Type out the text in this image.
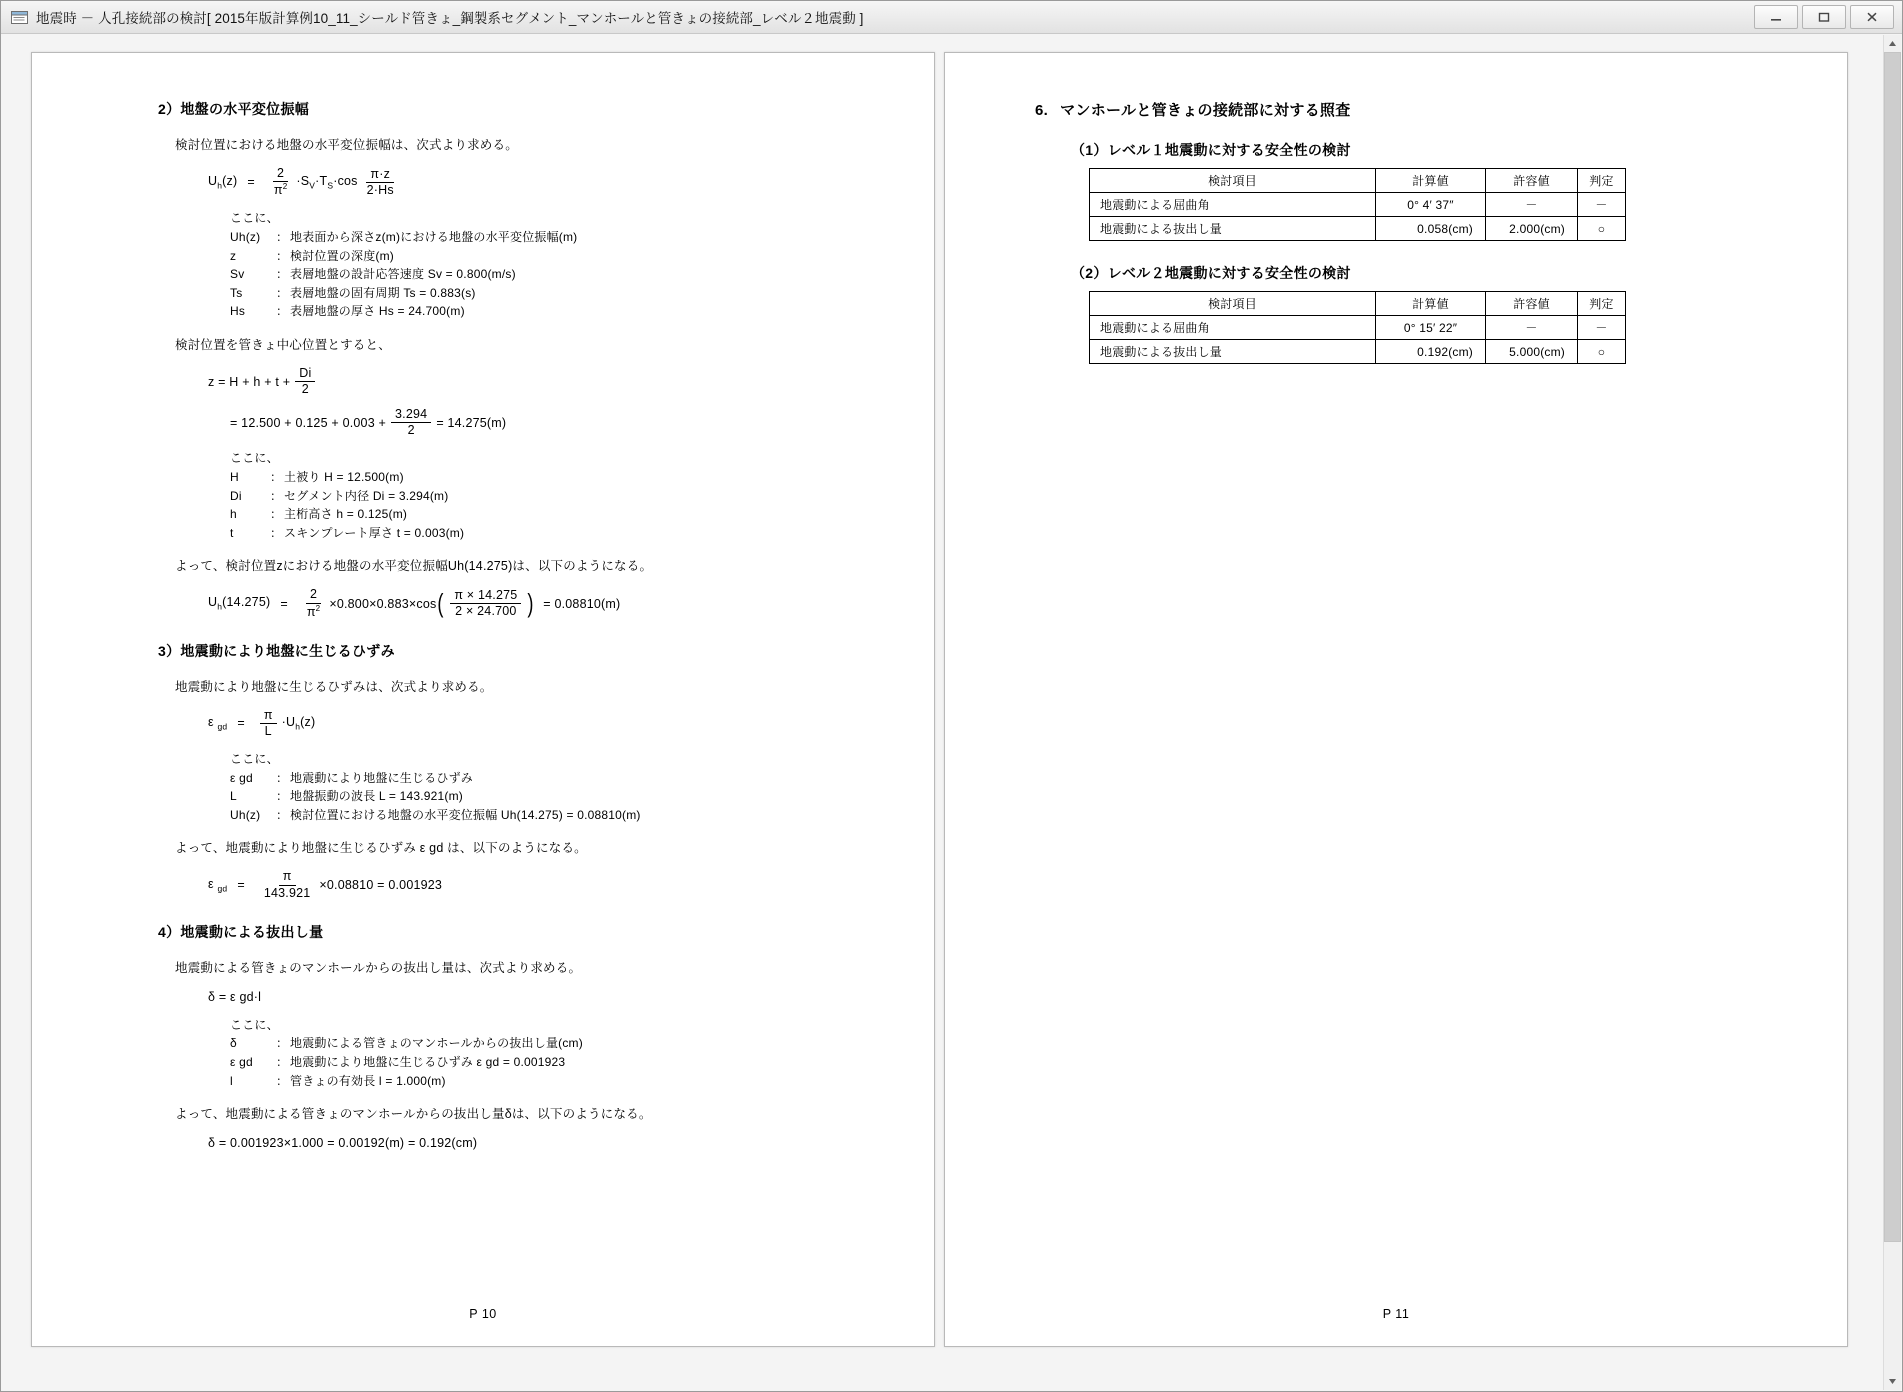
地震時 － 人孔接続部の検討[ 2015年版計算例10_11_シールド管きょ_鋼製系セグメント_マンホールと管きょの接続部_レベル２地震動 ]
2）地盤の水平変位振幅
検討位置における地盤の水平変位振幅は、次式より求める。
$U_h(z) = \frac{2}{\pi^2} \cdot S_V\cdot T_S\cdot\cos \frac{\pi\cdot z}{2\cdot Hs}$
ここに、
Uh(z)	： 地表面から深さz(m)における地盤の水平変位振幅(m)
z	： 検討位置の深度(m)
Sv	： 表層地盤の設計応答速度 Sv = 0.800(m/s)
Ts	： 表層地盤の固有周期 Ts = 0.883(s)
Hs	： 表層地盤の厚さ Hs = 24.700(m)
検討位置を管きょ中心位置とすると、
$z = H + h + t + \frac{Di}{2}$
= $12.500 + 0.125 + 0.003 + \frac{3.294}{2} = 14.275(m)$
ここに、
H	： 土被り H = 12.500(m)
Di	： セグメント内径 Di = 3.294(m)
h	： 主桁高さ h = 0.125(m)
t	： スキンプレート厚さ t = 0.003(m)
よって、検討位置zにおける地盤の水平変位振幅Uh(14.275)は、以下のようになる。
$U_h(14.275) = \frac{2}{\pi^2} \times 0.800\times 0.883\times\cos$ ( $\frac{\pi \times 14.275}{2 \times 24.700}$ ) = 0.08810(m)
3）地震動により地盤に生じるひずみ
地震動により地盤に生じるひずみは、次式より求める。
ε $_{gd} = \frac{\pi}{L} \cdot U_h(z)$
ここに、
ε gd	： 地震動により地盤に生じるひずみ
L	： 地盤振動の波長 L = 143.921(m)
Uh(z)	： 検討位置における地盤の水平変位振幅 Uh(14.275) = 0.08810(m)
よって、地震動により地盤に生じるひずみ ε gd は、以下のようになる。
ε $_{gd} = \frac{\pi}{143.921} \times 0.08810 = 0.001923$
4）地震動による抜出し量
地震動による管きょのマンホールからの抜出し量は、次式より求める。
δ = ε gd·l
ここに、
δ	： 地震動による管きょのマンホールからの抜出し量(cm)
ε gd	： 地震動により地盤に生じるひずみ ε gd = 0.001923
l	： 管きょの有効長 l = 1.000(m)
よって、地震動による管きょのマンホールからの抜出し量δは、以下のようになる。
δ = 0.001923×1.000 = 0.00192(m) = 0.192(cm)
P 10
6. マンホールと管きょの接続部に対する照査
（1）レベル１地震動に対する安全性の検討
検討項目	計算値	許容値	判定
地震動による屈曲角	0° 4′ 37″	－	－
地震動による抜出し量	0.058(cm)	2.000(cm)	○
（2）レベル２地震動に対する安全性の検討
検討項目	計算値	許容値	判定
地震動による屈曲角	0° 15′ 22″	－	－
地震動による抜出し量	0.192(cm)	5.000(cm)	○
P 11
